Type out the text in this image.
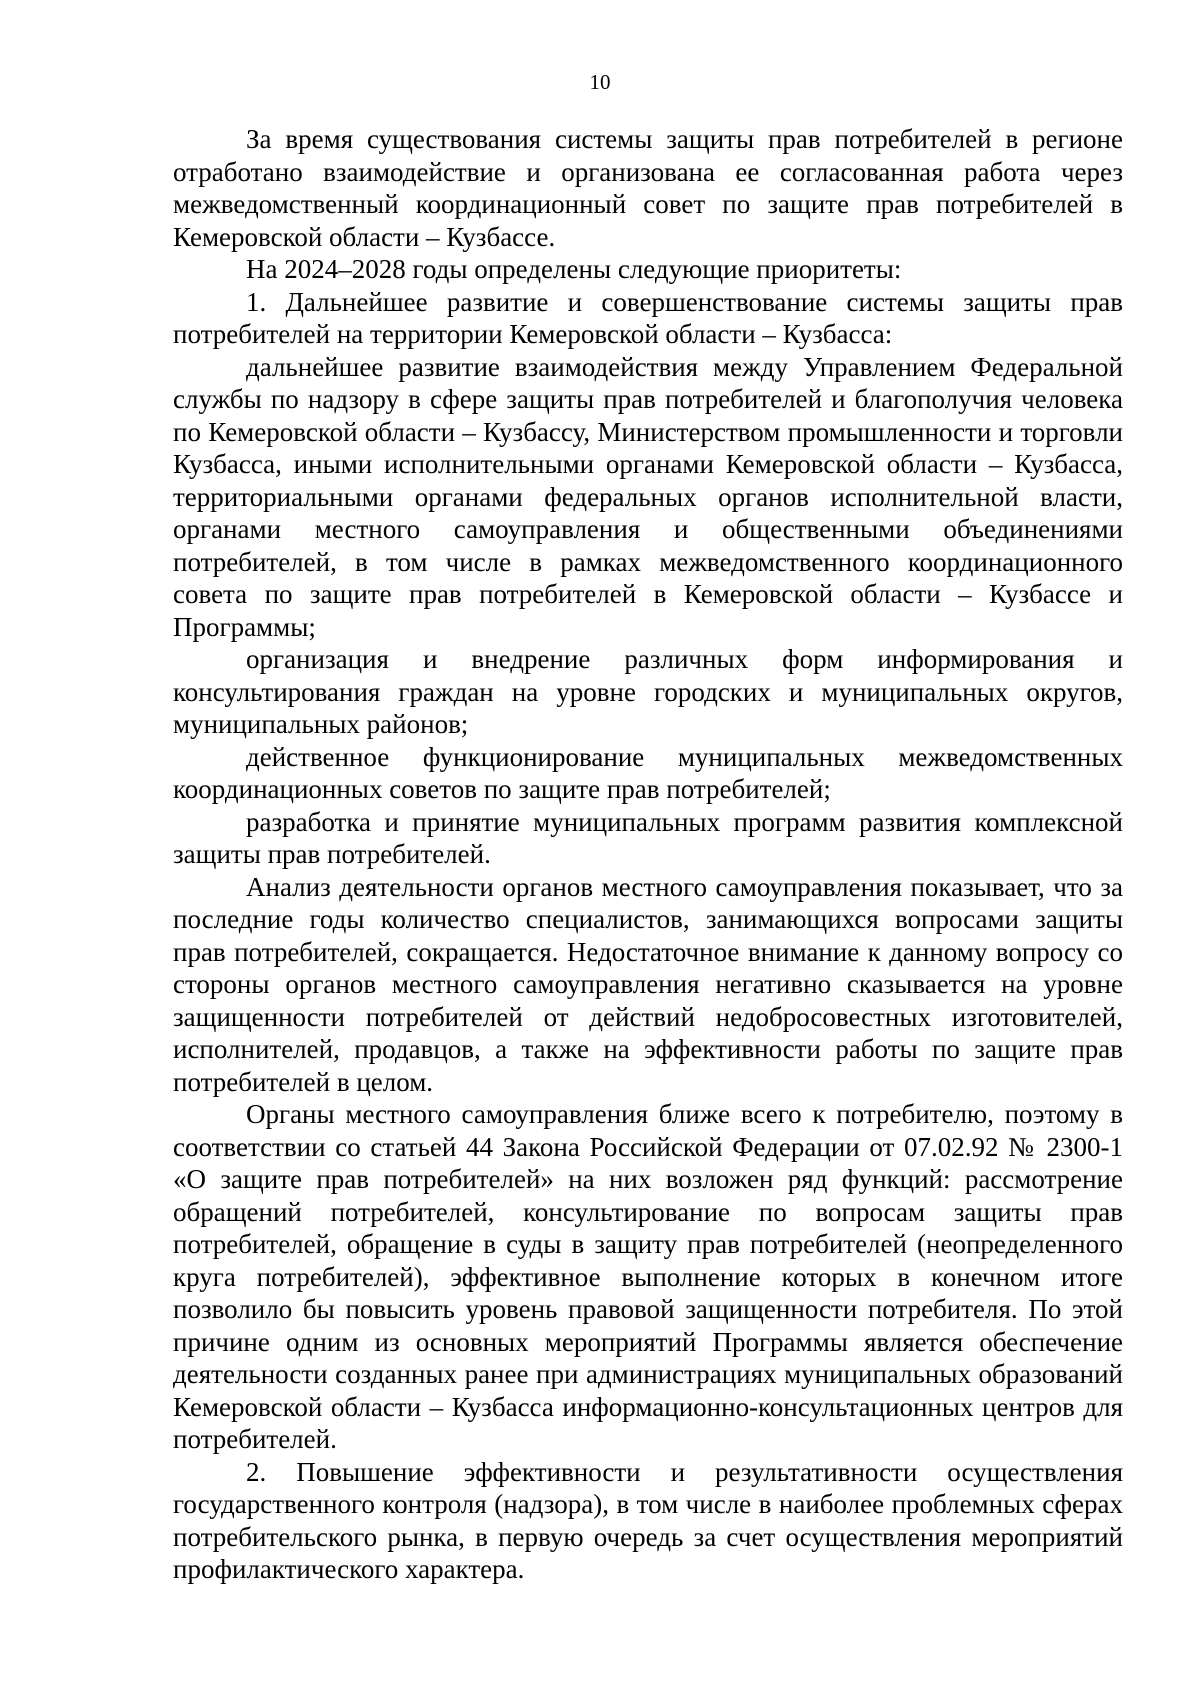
10

За время существования системы защиты прав потребителей в регионе отработано взаимодействие и организована ее согласованная работа через межведомственный координационный совет по защите прав потребителей в Кемеровской области – Кузбассе.

На 2024–2028 годы определены следующие приоритеты:

1. Дальнейшее развитие и совершенствование системы защиты прав потребителей на территории Кемеровской области – Кузбасса:

дальнейшее развитие взаимодействия между Управлением Федеральной службы по надзору в сфере защиты прав потребителей и благополучия человека по Кемеровской области – Кузбассу, Министерством промышленности и торговли Кузбасса, иными исполнительными органами Кемеровской области – Кузбасса, территориальными органами федеральных органов исполнительной власти, органами местного самоуправления и общественными объединениями потребителей, в том числе в рамках межведомственного координационного совета по защите прав потребителей в Кемеровской области – Кузбассе и Программы;

организация и внедрение различных форм информирования и консультирования граждан на уровне городских и муниципальных округов, муниципальных районов;

действенное функционирование муниципальных межведомственных координационных советов по защите прав потребителей;

разработка и принятие муниципальных программ развития комплексной защиты прав потребителей.

Анализ деятельности органов местного самоуправления показывает, что за последние годы количество специалистов, занимающихся вопросами защиты прав потребителей, сокращается. Недостаточное внимание к данному вопросу со стороны органов местного самоуправления негативно сказывается на уровне защищенности потребителей от действий недобросовестных изготовителей, исполнителей, продавцов, а также на эффективности работы по защите прав потребителей в целом.

Органы местного самоуправления ближе всего к потребителю, поэтому в соответствии со статьей 44 Закона Российской Федерации от 07.02.92 № 2300-1 «О защите прав потребителей» на них возложен ряд функций: рассмотрение обращений потребителей, консультирование по вопросам защиты прав потребителей, обращение в суды в защиту прав потребителей (неопределенного круга потребителей), эффективное выполнение которых в конечном итоге позволило бы повысить уровень правовой защищенности потребителя. По этой причине одним из основных мероприятий Программы является обеспечение деятельности созданных ранее при администрациях муниципальных образований Кемеровской области – Кузбасса информационно-консультационных центров для потребителей.

2. Повышение эффективности и результативности осуществления государственного контроля (надзора), в том числе в наиболее проблемных сферах потребительского рынка, в первую очередь за счет осуществления мероприятий профилактического характера.
